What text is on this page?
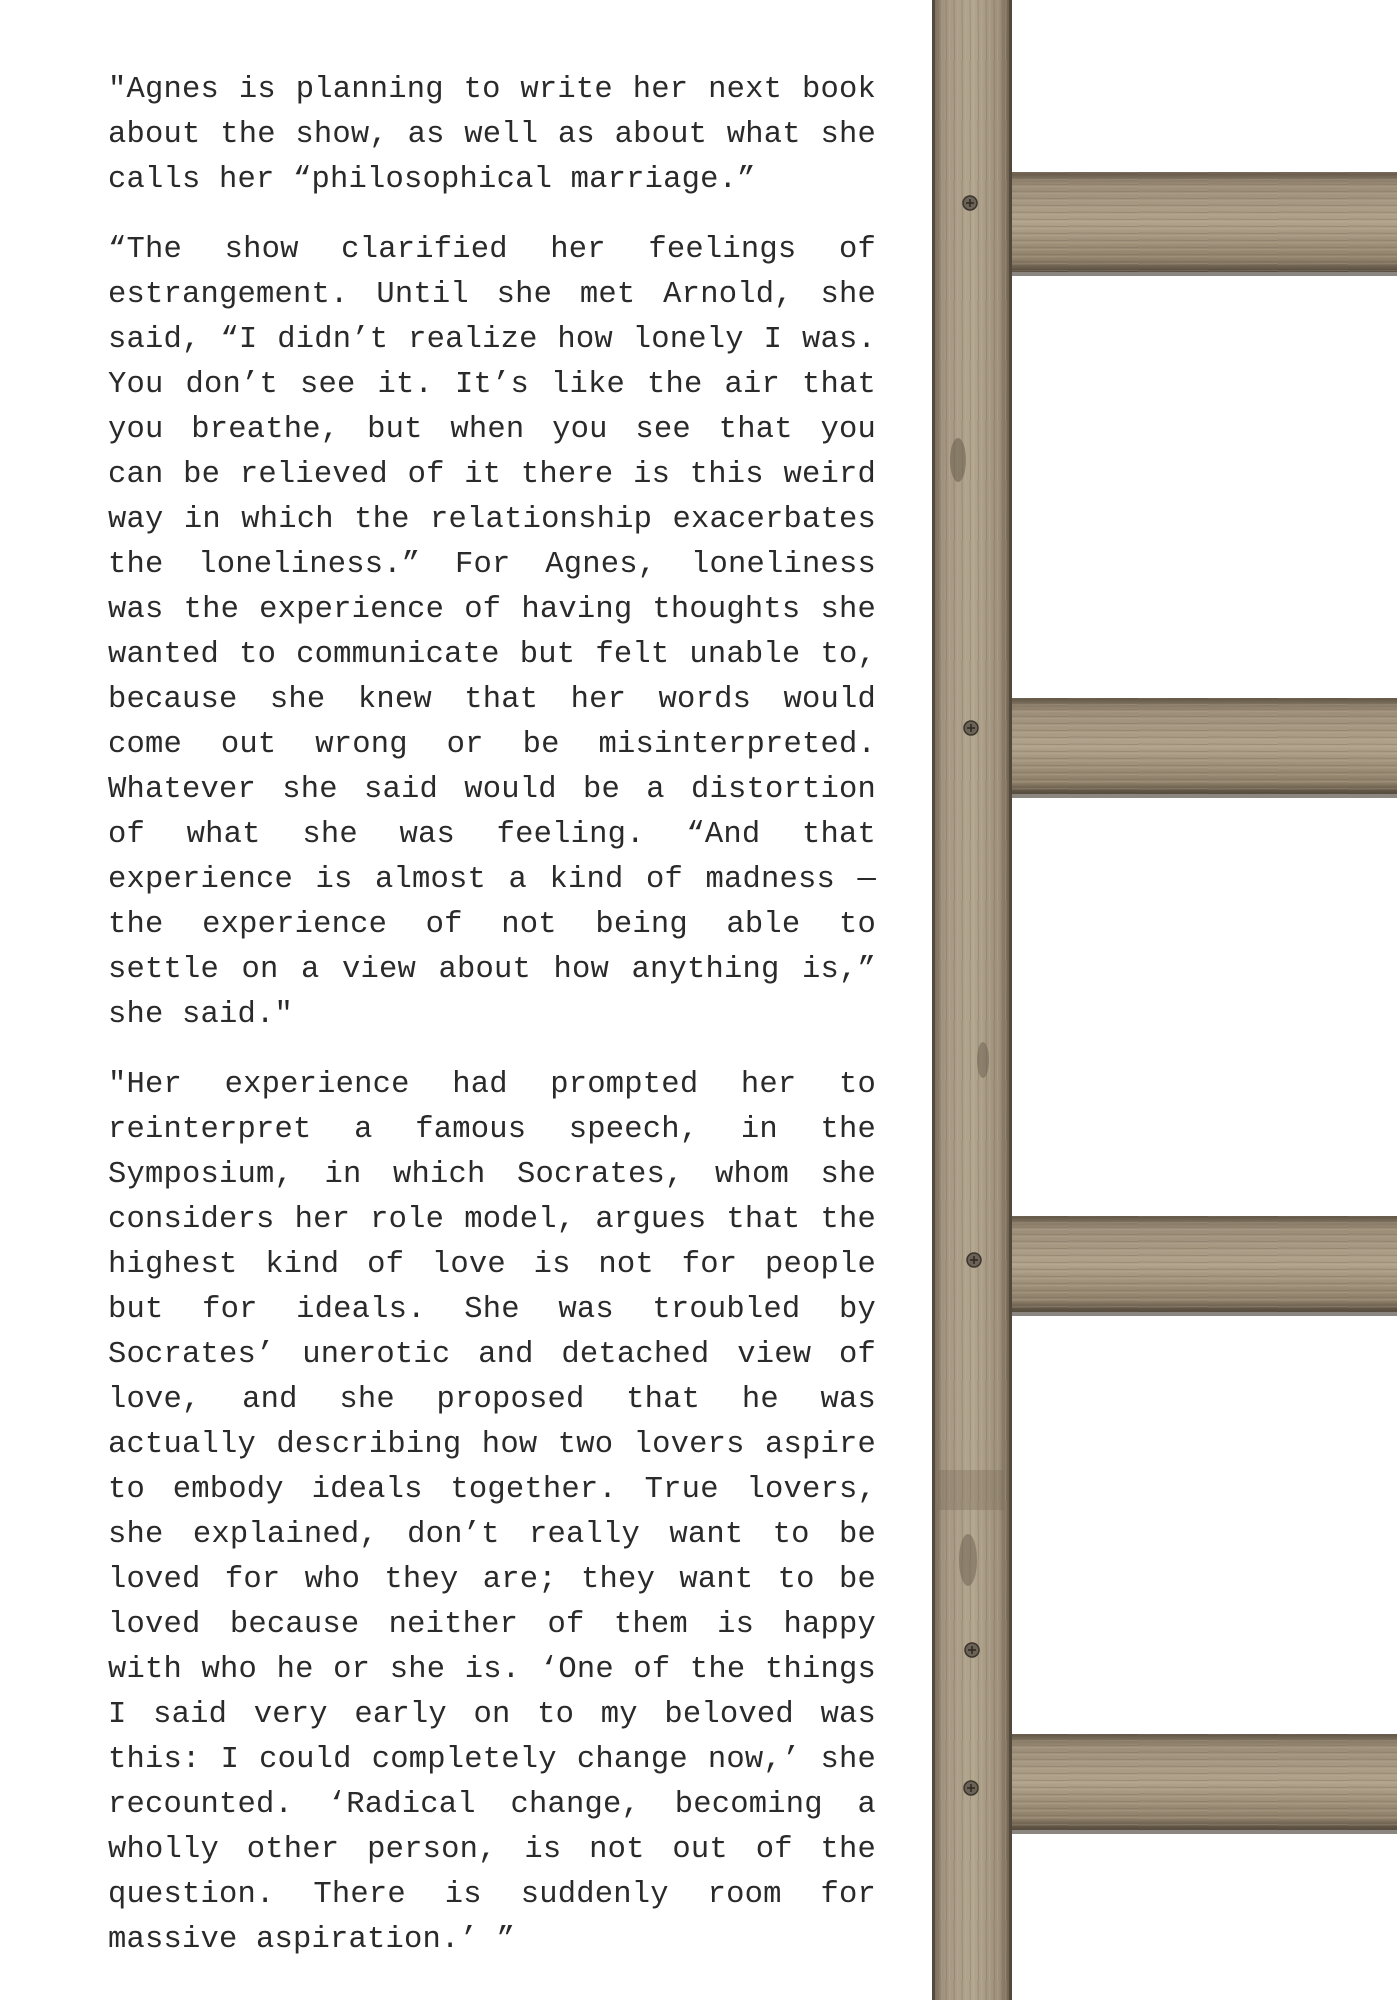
"Agnes is planning to write her next book about the show, as well as about what she calls her “philosophical marriage.”

“The show clarified her feelings of estrangement. Until she met Arnold, she said, “I didn’t realize how lonely I was. You don’t see it. It’s like the air that you breathe, but when you see that you can be relieved of it there is this weird way in which the relationship exacerbates the loneliness.” For Agnes, loneliness was the experience of having thoughts she wanted to communicate but felt unable to, because she knew that her words would come out wrong or be misinterpreted. Whatever she said would be a distortion of what she was feeling. “And that experience is almost a kind of madness — the experience of not being able to settle on a view about how anything is,” she said."

"Her experience had prompted her to reinterpret a famous speech, in the Symposium, in which Socrates, whom she considers her role model, argues that the highest kind of love is not for people but for ideals. She was troubled by Socrates’ unerotic and detached view of love, and she proposed that he was actually describing how two lovers aspire to embody ideals together. True lovers, she explained, don’t really want to be loved for who they are; they want to be loved because neither of them is happy with who he or she is. ‘One of the things I said very early on to my beloved was this: I could completely change now,’ she recounted. ‘Radical change, becoming a wholly other person, is not out of the question. There is suddenly room for massive aspiration.’ ”
